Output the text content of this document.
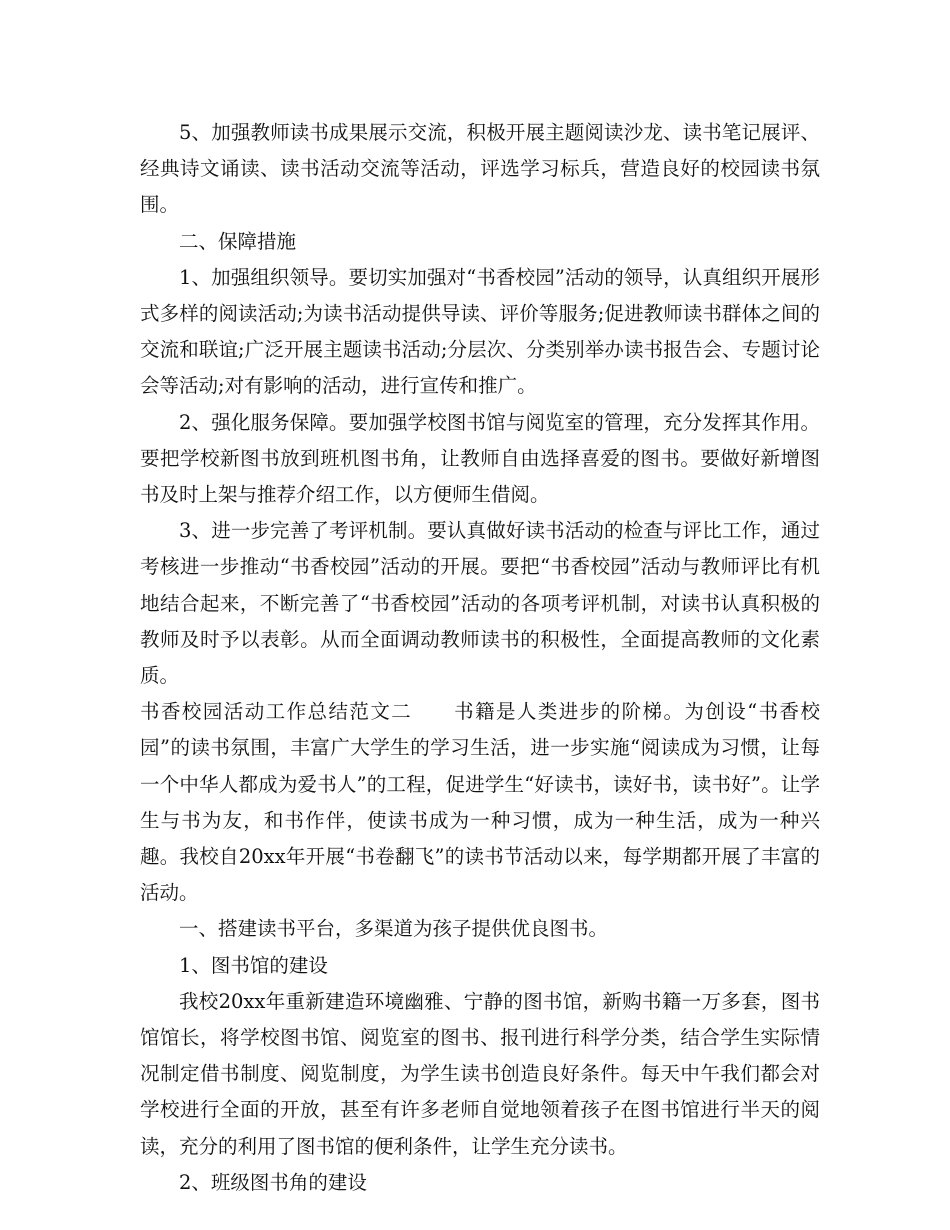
5、加强教师读书成果展示交流，积极开展主题阅读沙龙、读书笔记展评、经典诗文诵读、读书活动交流等活动，评选学习标兵，营造良好的校园读书氛围。

二、保障措施

1、加强组织领导。要切实加强对“书香校园”活动的领导，认真组织开展形式多样的阅读活动;为读书活动提供导读、评价等服务;促进教师读书群体之间的交流和联谊;广泛开展主题读书活动;分层次、分类别举办读书报告会、专题讨论会等活动;对有影响的活动，进行宣传和推广。

2、强化服务保障。要加强学校图书馆与阅览室的管理，充分发挥其作用。要把学校新图书放到班机图书角，让教师自由选择喜爱的图书。要做好新增图书及时上架与推荐介绍工作，以方便师生借阅。

3、进一步完善了考评机制。要认真做好读书活动的检查与评比工作，通过考核进一步推动“书香校园”活动的开展。要把“书香校园”活动与教师评比有机地结合起来，不断完善了“书香校园”活动的各项考评机制，对读书认真积极的教师及时予以表彰。从而全面调动教师读书的积极性，全面提高教师的文化素质。

书香校园活动工作总结范文二　　书籍是人类进步的阶梯。为创设“书香校园”的读书氛围，丰富广大学生的学习生活，进一步实施“阅读成为习惯，让每一个中华人都成为爱书人”的工程，促进学生“好读书，读好书，读书好”。让学生与书为友，和书作伴，使读书成为一种习惯，成为一种生活，成为一种兴趣。我校自20xx年开展“书卷翻飞”的读书节活动以来，每学期都开展了丰富的活动。

一、搭建读书平台，多渠道为孩子提供优良图书。

1、图书馆的建设

我校20xx年重新建造环境幽雅、宁静的图书馆，新购书籍一万多套，图书馆馆长，将学校图书馆、阅览室的图书、报刊进行科学分类，结合学生实际情况制定借书制度、阅览制度，为学生读书创造良好条件。每天中午我们都会对学校进行全面的开放，甚至有许多老师自觉地领着孩子在图书馆进行半天的阅读，充分的利用了图书馆的便利条件，让学生充分读书。

2、班级图书角的建设
